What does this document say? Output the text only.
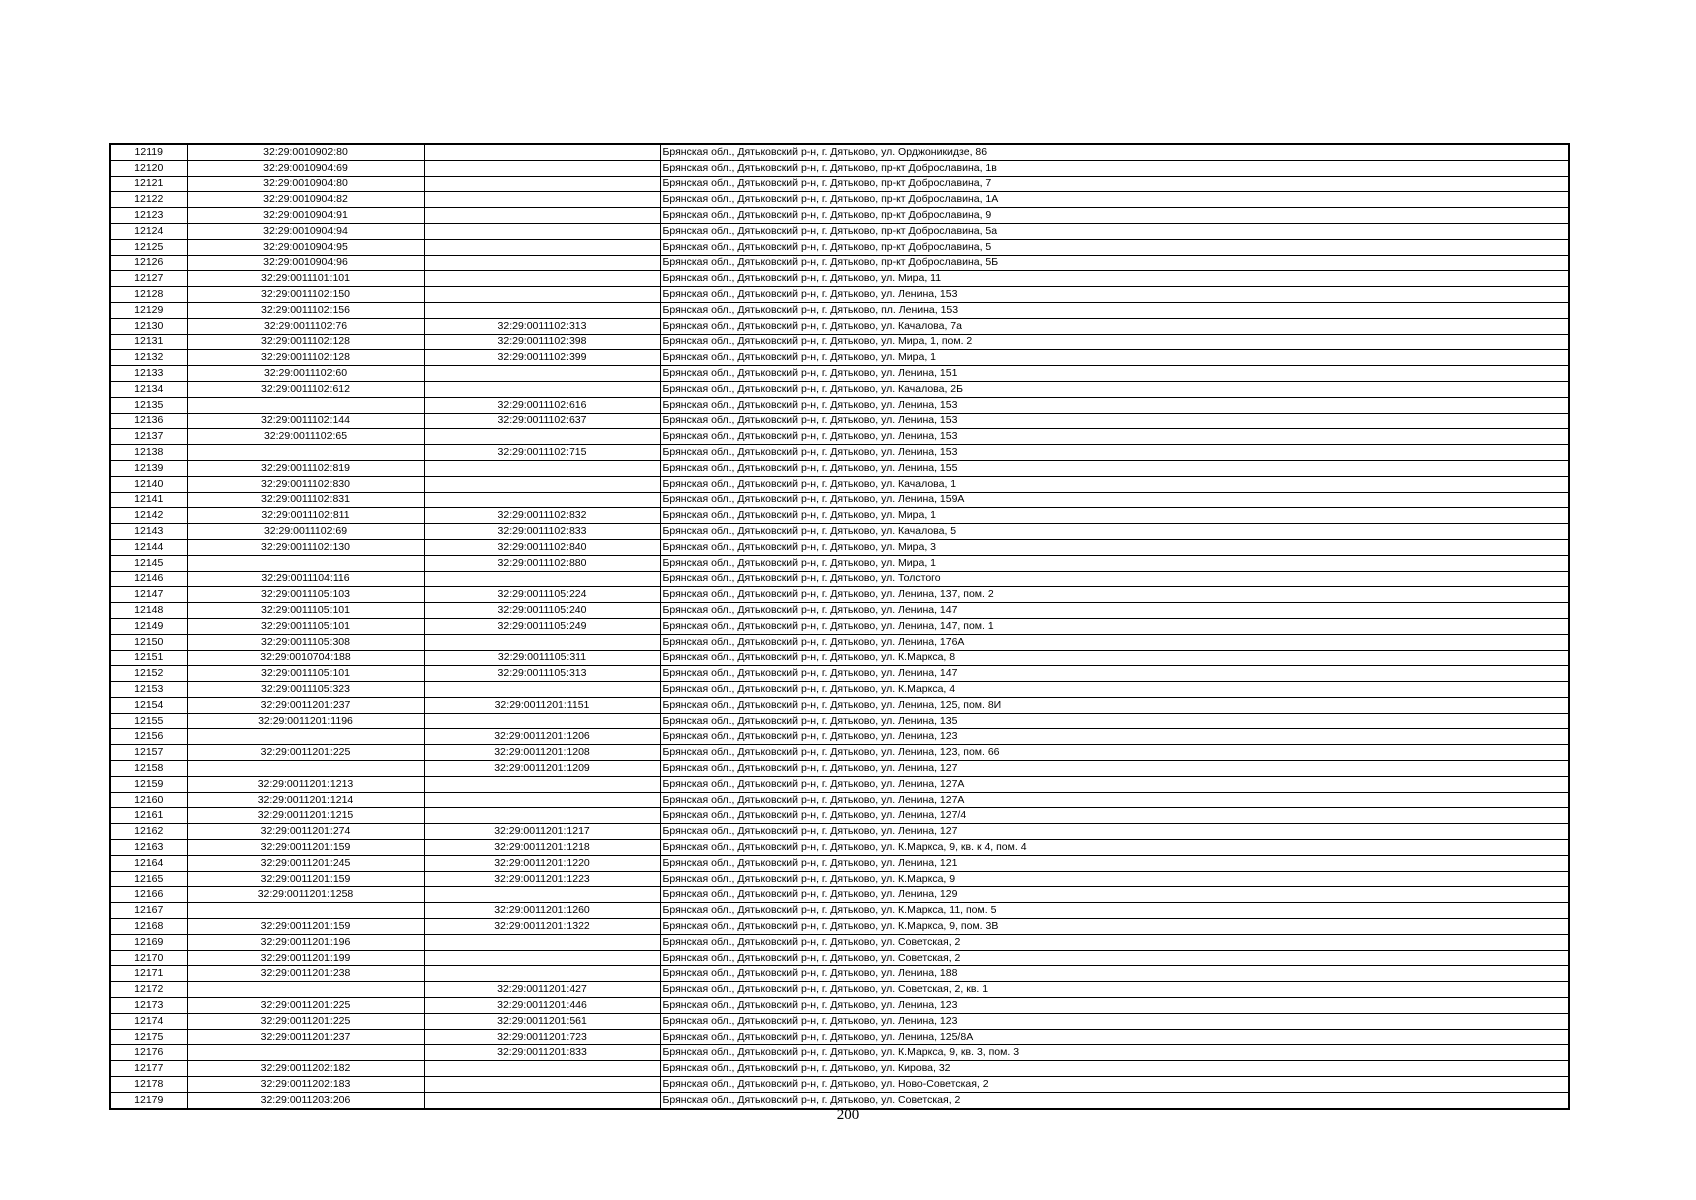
12119	32:29:0010902:80		Брянская обл., Дятьковский р-н, г. Дятьково, ул. Орджоникидзе, 86
12120	32:29:0010904:69		Брянская обл., Дятьковский р-н, г. Дятьково, пр-кт Доброславина, 1в
12121	32:29:0010904:80		Брянская обл., Дятьковский р-н, г. Дятьково, пр-кт Доброславина, 7
12122	32:29:0010904:82		Брянская обл., Дятьковский р-н, г. Дятьково, пр-кт Доброславина, 1А
12123	32:29:0010904:91		Брянская обл., Дятьковский р-н, г. Дятьково, пр-кт Доброславина, 9
12124	32:29:0010904:94		Брянская обл., Дятьковский р-н, г. Дятьково, пр-кт Доброславина, 5а
12125	32:29:0010904:95		Брянская обл., Дятьковский р-н, г. Дятьково, пр-кт Доброславина, 5
12126	32:29:0010904:96		Брянская обл., Дятьковский р-н, г. Дятьково, пр-кт Доброславина, 5Б
12127	32:29:0011101:101		Брянская обл., Дятьковский р-н, г. Дятьково, ул. Мира, 11
12128	32:29:0011102:150		Брянская обл., Дятьковский р-н, г. Дятьково, ул. Ленина, 153
12129	32:29:0011102:156		Брянская обл., Дятьковский р-н, г. Дятьково, пл. Ленина, 153
12130	32:29:0011102:76	32:29:0011102:313	Брянская обл., Дятьковский р-н, г. Дятьково, ул. Качалова, 7а
12131	32:29:0011102:128	32:29:0011102:398	Брянская обл., Дятьковский р-н, г. Дятьково, ул. Мира, 1, пом. 2
12132	32:29:0011102:128	32:29:0011102:399	Брянская обл., Дятьковский р-н, г. Дятьково, ул. Мира, 1
12133	32:29:0011102:60		Брянская обл., Дятьковский р-н, г. Дятьково, ул. Ленина, 151
12134	32:29:0011102:612		Брянская обл., Дятьковский р-н, г. Дятьково, ул. Качалова, 2Б
12135		32:29:0011102:616	Брянская обл., Дятьковский р-н, г. Дятьково, ул. Ленина, 153
12136	32:29:0011102:144	32:29:0011102:637	Брянская обл., Дятьковский р-н, г. Дятьково, ул. Ленина, 153
12137	32:29:0011102:65		Брянская обл., Дятьковский р-н, г. Дятьково, ул. Ленина, 153
12138		32:29:0011102:715	Брянская обл., Дятьковский р-н, г. Дятьково, ул. Ленина, 153
12139	32:29:0011102:819		Брянская обл., Дятьковский р-н, г. Дятьково, ул. Ленина, 155
12140	32:29:0011102:830		Брянская обл., Дятьковский р-н, г. Дятьково, ул. Качалова, 1
12141	32:29:0011102:831		Брянская обл., Дятьковский р-н, г. Дятьково, ул. Ленина, 159А
12142	32:29:0011102:811	32:29:0011102:832	Брянская обл., Дятьковский р-н, г. Дятьково, ул. Мира, 1
12143	32:29:0011102:69	32:29:0011102:833	Брянская обл., Дятьковский р-н, г. Дятьково, ул. Качалова, 5
12144	32:29:0011102:130	32:29:0011102:840	Брянская обл., Дятьковский р-н, г. Дятьково, ул. Мира, 3
12145		32:29:0011102:880	Брянская обл., Дятьковский р-н, г. Дятьково, ул. Мира, 1
12146	32:29:0011104:116		Брянская обл., Дятьковский р-н, г. Дятьково, ул. Толстого
12147	32:29:0011105:103	32:29:0011105:224	Брянская обл., Дятьковский р-н, г. Дятьково, ул. Ленина, 137, пом. 2
12148	32:29:0011105:101	32:29:0011105:240	Брянская обл., Дятьковский р-н, г. Дятьково, ул. Ленина, 147
12149	32:29:0011105:101	32:29:0011105:249	Брянская обл., Дятьковский р-н, г. Дятьково, ул. Ленина, 147, пом. 1
12150	32:29:0011105:308		Брянская обл., Дятьковский р-н, г. Дятьково, ул. Ленина, 176А
12151	32:29:0010704:188	32:29:0011105:311	Брянская обл., Дятьковский р-н, г. Дятьково, ул. К.Маркса, 8
12152	32:29:0011105:101	32:29:0011105:313	Брянская обл., Дятьковский р-н, г. Дятьково, ул. Ленина, 147
12153	32:29:0011105:323		Брянская обл., Дятьковский р-н, г. Дятьково, ул. К.Маркса, 4
12154	32:29:0011201:237	32:29:0011201:1151	Брянская обл., Дятьковский р-н, г. Дятьково, ул. Ленина, 125, пом. 8И
12155	32:29:0011201:1196		Брянская обл., Дятьковский р-н, г. Дятьково, ул. Ленина, 135
12156		32:29:0011201:1206	Брянская обл., Дятьковский р-н, г. Дятьково, ул. Ленина, 123
12157	32:29:0011201:225	32:29:0011201:1208	Брянская обл., Дятьковский р-н, г. Дятьково, ул. Ленина, 123, пом. 66
12158		32:29:0011201:1209	Брянская обл., Дятьковский р-н, г. Дятьково, ул. Ленина, 127
12159	32:29:0011201:1213		Брянская обл., Дятьковский р-н, г. Дятьково, ул. Ленина, 127А
12160	32:29:0011201:1214		Брянская обл., Дятьковский р-н, г. Дятьково, ул. Ленина, 127А
12161	32:29:0011201:1215		Брянская обл., Дятьковский р-н, г. Дятьково, ул. Ленина, 127/4
12162	32:29:0011201:274	32:29:0011201:1217	Брянская обл., Дятьковский р-н, г. Дятьково, ул. Ленина, 127
12163	32:29:0011201:159	32:29:0011201:1218	Брянская обл., Дятьковский р-н, г. Дятьково, ул. К.Маркса, 9, кв. к 4, пом. 4
12164	32:29:0011201:245	32:29:0011201:1220	Брянская обл., Дятьковский р-н, г. Дятьково, ул. Ленина, 121
12165	32:29:0011201:159	32:29:0011201:1223	Брянская обл., Дятьковский р-н, г. Дятьково, ул. К.Маркса, 9
12166	32:29:0011201:1258		Брянская обл., Дятьковский р-н, г. Дятьково, ул. Ленина, 129
12167		32:29:0011201:1260	Брянская обл., Дятьковский р-н, г. Дятьково, ул. К.Маркса, 11, пом. 5
12168	32:29:0011201:159	32:29:0011201:1322	Брянская обл., Дятьковский р-н, г. Дятьково, ул. К.Маркса, 9, пом. 3В
12169	32:29:0011201:196		Брянская обл., Дятьковский р-н, г. Дятьково, ул. Советская, 2
12170	32:29:0011201:199		Брянская обл., Дятьковский р-н, г. Дятьково, ул. Советская, 2
12171	32:29:0011201:238		Брянская обл., Дятьковский р-н, г. Дятьково, ул. Ленина, 188
12172		32:29:0011201:427	Брянская обл., Дятьковский р-н, г. Дятьково, ул. Советская, 2, кв. 1
12173	32:29:0011201:225	32:29:0011201:446	Брянская обл., Дятьковский р-н, г. Дятьково, ул. Ленина, 123
12174	32:29:0011201:225	32:29:0011201:561	Брянская обл., Дятьковский р-н, г. Дятьково, ул. Ленина, 123
12175	32:29:0011201:237	32:29:0011201:723	Брянская обл., Дятьковский р-н, г. Дятьково, ул. Ленина, 125/8А
12176		32:29:0011201:833	Брянская обл., Дятьковский р-н, г. Дятьково, ул. К.Маркса, 9, кв. 3, пом. 3
12177	32:29:0011202:182		Брянская обл., Дятьковский р-н, г. Дятьково, ул. Кирова, 32
12178	32:29:0011202:183		Брянская обл., Дятьковский р-н, г. Дятьково, ул. Ново-Советская, 2
12179	32:29:0011203:206		Брянская обл., Дятьковский р-н, г. Дятьково, ул. Советская, 2
200
